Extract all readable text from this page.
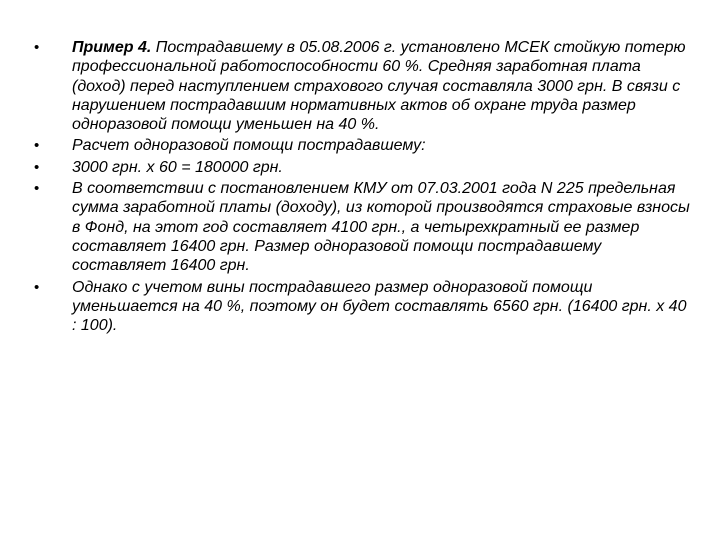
• Пример 4. Пострадавшему в 05.08.2006 г. установлено МСЕК стойкую потерю профессиональной работоспособности 60 %. Средняя заработная плата (доход) перед наступлением страхового случая составляла 3000 грн. В связи с нарушением пострадавшим нормативных актов об охране труда размер одноразовой помощи уменьшен на 40 %.
• Расчет одноразовой помощи пострадавшему:
• 3000 грн. х 60 = 180000 грн.
• В соответствии с постановлением КМУ от 07.03.2001 года N 225 предельная сумма заработной платы (доходу), из которой производятся страховые взносы в Фонд, на этот год составляет 4100 грн., а четырехкратный ее размер составляет 16400 грн. Размер одноразовой помощи пострадавшему составляет 16400 грн.
• Однако с учетом вины пострадавшего размер одноразовой помощи уменьшается на 40 %, поэтому он будет составлять 6560 грн. (16400 грн. х 40 : 100).
